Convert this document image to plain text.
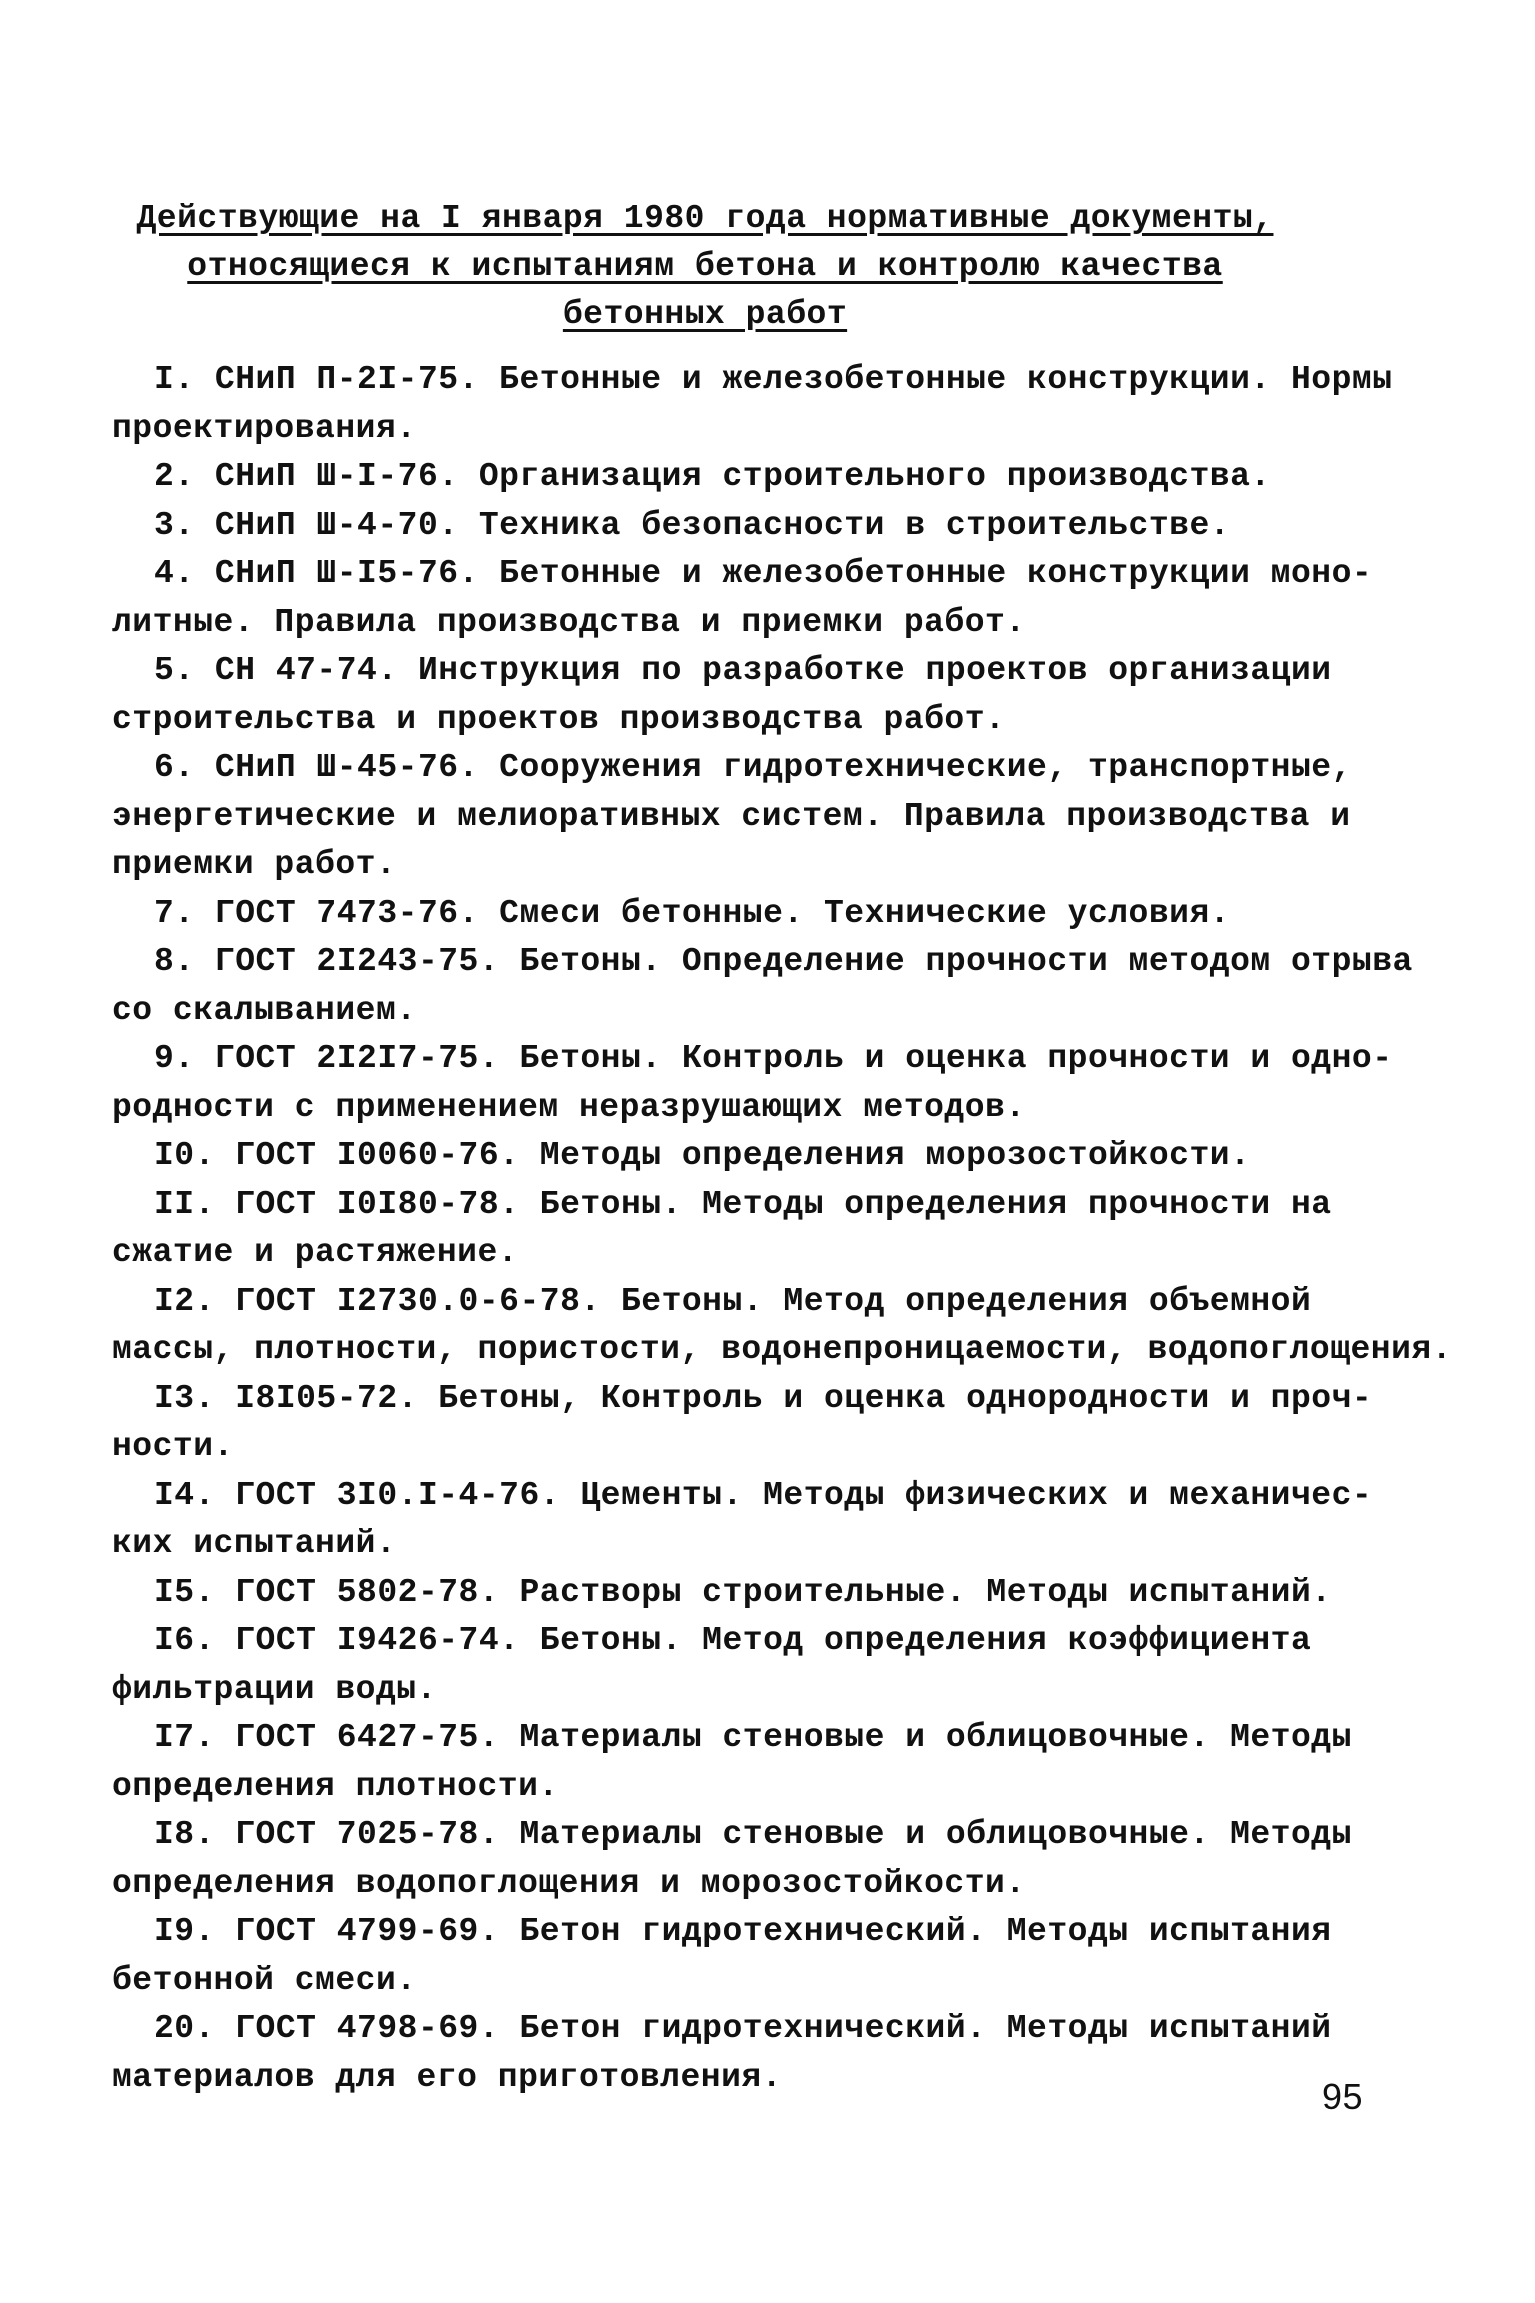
Действующие на I января 1980 года нормативные документы,
относящиеся к испытаниям бетона и контролю качества
бетонных работ
I. СНиП П-2I-75. Бетонные и железобетонные конструкции. Нормы
проектирования.
2. СНиП Ш-I-76. Организация строительного производства.
3. СНиП Ш-4-70. Техника безопасности в строительстве.
4. СНиП Ш-I5-76. Бетонные и железобетонные конструкции моно-
литные. Правила производства и приемки работ.
5. СН 47-74. Инструкция по разработке проектов организации
строительства и проектов производства работ.
6. СНиП Ш-45-76. Сооружения гидротехнические, транспортные,
энергетические и мелиоративных систем. Правила производства и
приемки работ.
7. ГОСТ 7473-76. Смеси бетонные. Технические условия.
8. ГОСТ 2I243-75. Бетоны. Определение прочности методом отрыва
со скалыванием.
9. ГОСТ 2I2I7-75. Бетоны. Контроль и оценка прочности и одно-
родности с применением неразрушающих методов.
I0. ГОСТ I0060-76. Методы определения морозостойкости.
II. ГОСТ I0I80-78. Бетоны. Методы определения прочности на
сжатие и растяжение.
I2. ГОСТ I2730.0-6-78. Бетоны. Метод определения объемной
массы, плотности, пористости, водонепроницаемости, водопоглощения.
I3. I8I05-72. Бетоны, Контроль и оценка однородности и проч-
ности.
I4. ГОСТ 3I0.I-4-76. Цементы. Методы физических и механичес-
ких испытаний.
I5. ГОСТ 5802-78. Растворы строительные. Методы испытаний.
I6. ГОСТ I9426-74. Бетоны. Метод определения коэффициента
фильтрации воды.
I7. ГОСТ 6427-75. Материалы стеновые и облицовочные. Методы
определения плотности.
I8. ГОСТ 7025-78. Материалы стеновые и облицовочные. Методы
определения водопоглощения и морозостойкости.
I9. ГОСТ 4799-69. Бетон гидротехнический. Методы испытания
бетонной смеси.
20. ГОСТ 4798-69. Бетон гидротехнический. Методы испытаний
материалов для его приготовления.	95
